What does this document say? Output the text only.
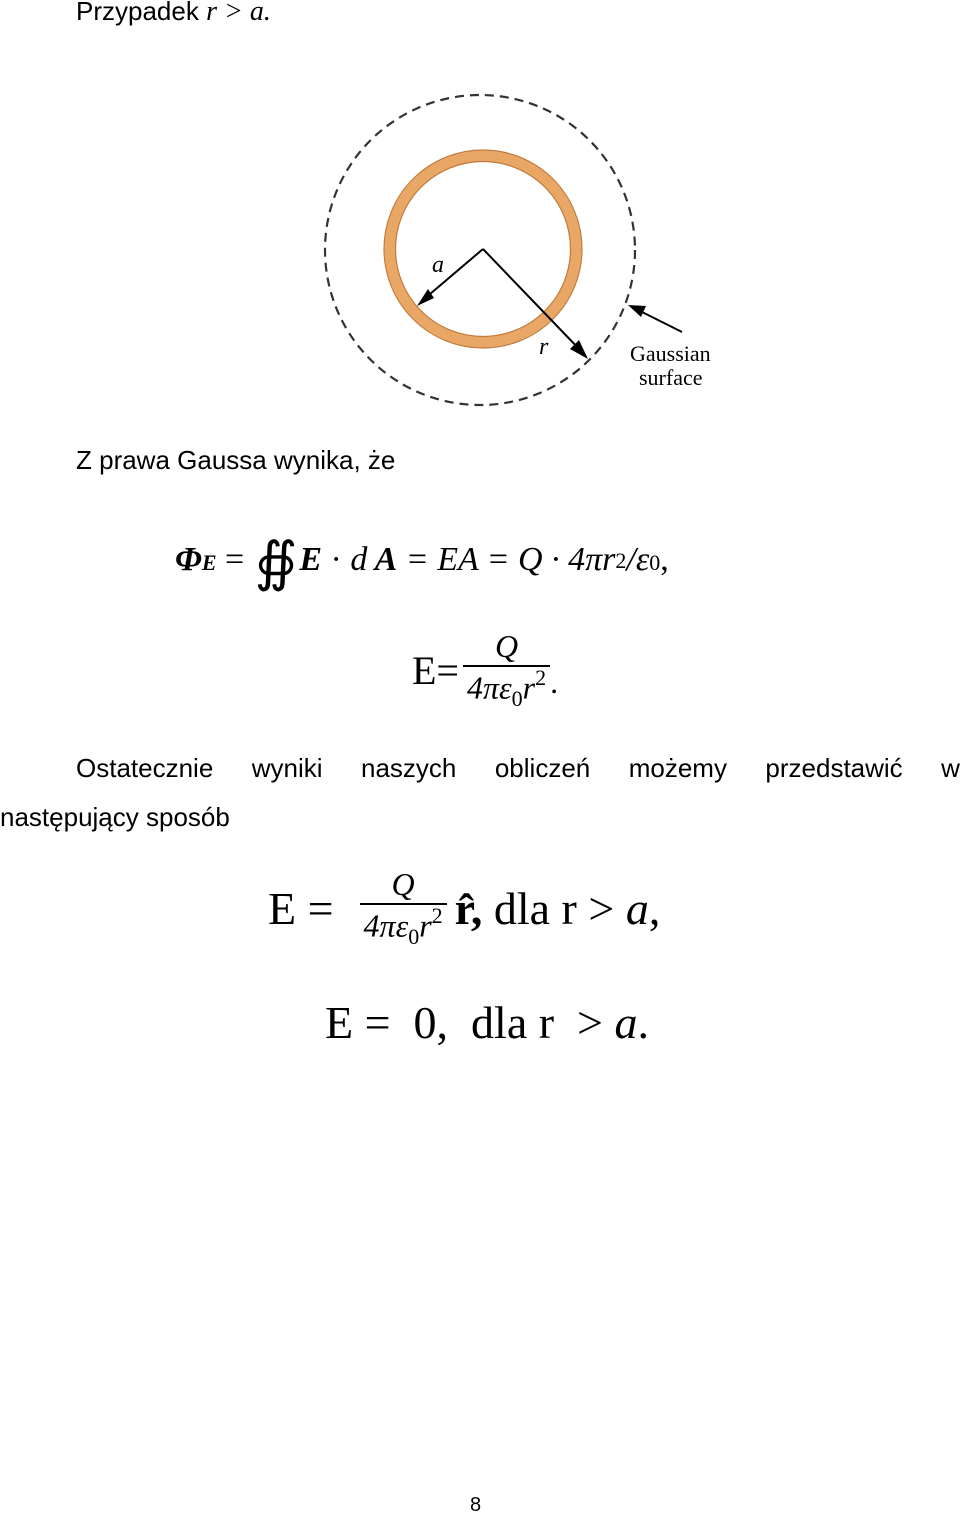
Przypadek r > a.
a
r	Gaussian
surface
Z prawa Gaussa wynika, że
Φ E = ∯ E · d A = EA = Q · 4πr 2 /ε 0 ,
$E= \frac{Q}{4\pi\varepsilon_0r^2}$ .
Ostatecznie wyniki naszych obliczeń możemy przedstawić w
następujący sposób
$E = \frac{Q}{4\pi\varepsilon_0r^2}$ r̂, dla r > a ,
E =  0,  dla r  > a.
8
